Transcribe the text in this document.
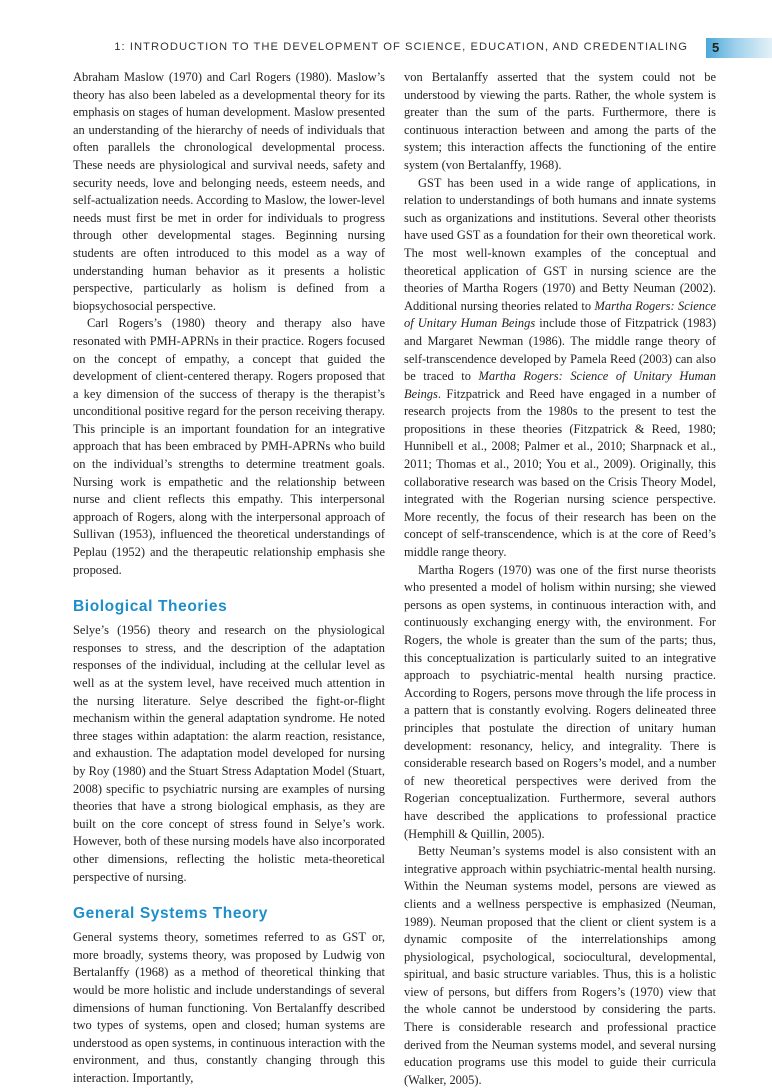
1: INTRODUCTION TO THE DEVELOPMENT OF SCIENCE, EDUCATION, AND CREDENTIALING 5

Abraham Maslow (1970) and Carl Rogers (1980). Maslow’s theory has also been labeled as a developmental theory for its emphasis on stages of human development. Maslow presented an understanding of the hierarchy of needs of individuals that often parallels the chronological developmental process. These needs are physiological and survival needs, safety and security needs, love and belonging needs, esteem needs, and self-actualization needs. According to Maslow, the lower-level needs must first be met in order for individuals to progress through other developmental stages. Beginning nursing students are often introduced to this model as a way of understanding human behavior as it presents a holistic perspective, particularly as holism is defined from a biopsychosocial perspective.

Carl Rogers’s (1980) theory and therapy also have resonated with PMH-APRNs in their practice. Rogers focused on the concept of empathy, a concept that guided the development of client-centered therapy. Rogers proposed that a key dimension of the success of therapy is the therapist’s unconditional positive regard for the person receiving therapy. This principle is an important foundation for an integrative approach that has been embraced by PMH-APRNs who build on the individual’s strengths to determine treatment goals. Nursing work is empathetic and the relationship between nurse and client reflects this empathy. This interpersonal approach of Rogers, along with the interpersonal approach of Sullivan (1953), influenced the theoretical understandings of Peplau (1952) and the therapeutic relationship emphasis she proposed.

Biological Theories

Selye’s (1956) theory and research on the physiological responses to stress, and the description of the adaptation responses of the individual, including at the cellular level as well as at the system level, have received much attention in the nursing literature. Selye described the fight-or-flight mechanism within the general adaptation syndrome. He noted three stages within adaptation: the alarm reaction, resistance, and exhaustion. The adaptation model developed for nursing by Roy (1980) and the Stuart Stress Adaptation Model (Stuart, 2008) specific to psychiatric nursing are examples of nursing theories that have a strong biological emphasis, as they are built on the core concept of stress found in Selye’s work. However, both of these nursing models have also incorporated other dimensions, reflecting the holistic meta-theoretical perspective of nursing.

General Systems Theory

General systems theory, sometimes referred to as GST or, more broadly, systems theory, was proposed by Ludwig von Bertalanffy (1968) as a method of theoretical thinking that would be more holistic and include understandings of several dimensions of human functioning. Von Bertalanffy described two types of systems, open and closed; human systems are understood as open systems, in continuous interaction with the environment, and thus, constantly changing through this interaction. Importantly,

von Bertalanffy asserted that the system could not be understood by viewing the parts. Rather, the whole system is greater than the sum of the parts. Furthermore, there is continuous interaction between and among the parts of the system; this interaction affects the functioning of the entire system (von Bertalanffy, 1968).

GST has been used in a wide range of applications, in relation to understandings of both humans and innate systems such as organizations and institutions. Several other theorists have used GST as a foundation for their own theoretical work. The most well-known examples of the conceptual and theoretical application of GST in nursing science are the theories of Martha Rogers (1970) and Betty Neuman (2002). Additional nursing theories related to Martha Rogers: Science of Unitary Human Beings include those of Fitzpatrick (1983) and Margaret Newman (1986). The middle range theory of self-transcendence developed by Pamela Reed (2003) can also be traced to Martha Rogers: Science of Unitary Human Beings. Fitzpatrick and Reed have engaged in a number of research projects from the 1980s to the present to test the propositions in these theories (Fitzpatrick & Reed, 1980; Hunnibell et al., 2008; Palmer et al., 2010; Sharpnack et al., 2011; Thomas et al., 2010; You et al., 2009). Originally, this collaborative research was based on the Crisis Theory Model, integrated with the Rogerian nursing science perspective. More recently, the focus of their research has been on the concept of self-transcendence, which is at the core of Reed’s middle range theory.

Martha Rogers (1970) was one of the first nurse theorists who presented a model of holism within nursing; she viewed persons as open systems, in continuous interaction with, and continuously exchanging energy with, the environment. For Rogers, the whole is greater than the sum of the parts; thus, this conceptualization is particularly suited to an integrative approach to psychiatric-mental health nursing practice. According to Rogers, persons move through the life process in a pattern that is constantly evolving. Rogers delineated three principles that postulate the direction of unitary human development: resonancy, helicy, and integrality. There is considerable research based on Rogers’s model, and a number of new theoretical perspectives were derived from the Rogerian conceptualization. Furthermore, several authors have described the applications to professional practice (Hemphill & Quillin, 2005).

Betty Neuman’s systems model is also consistent with an integrative approach within psychiatric-mental health nursing. Within the Neuman systems model, persons are viewed as clients and a wellness perspective is emphasized (Neuman, 1989). Neuman proposed that the client or client system is a dynamic composite of the interrelationships among physiological, psychological, sociocultural, developmental, spiritual, and basic structure variables. Thus, this is a holistic view of persons, but differs from Rogers’s (1970) view that the whole cannot be understood by considering the parts. There is considerable research and professional practice derived from the Neuman systems model, and several nursing education programs use this model to guide their curricula (Walker, 2005).
